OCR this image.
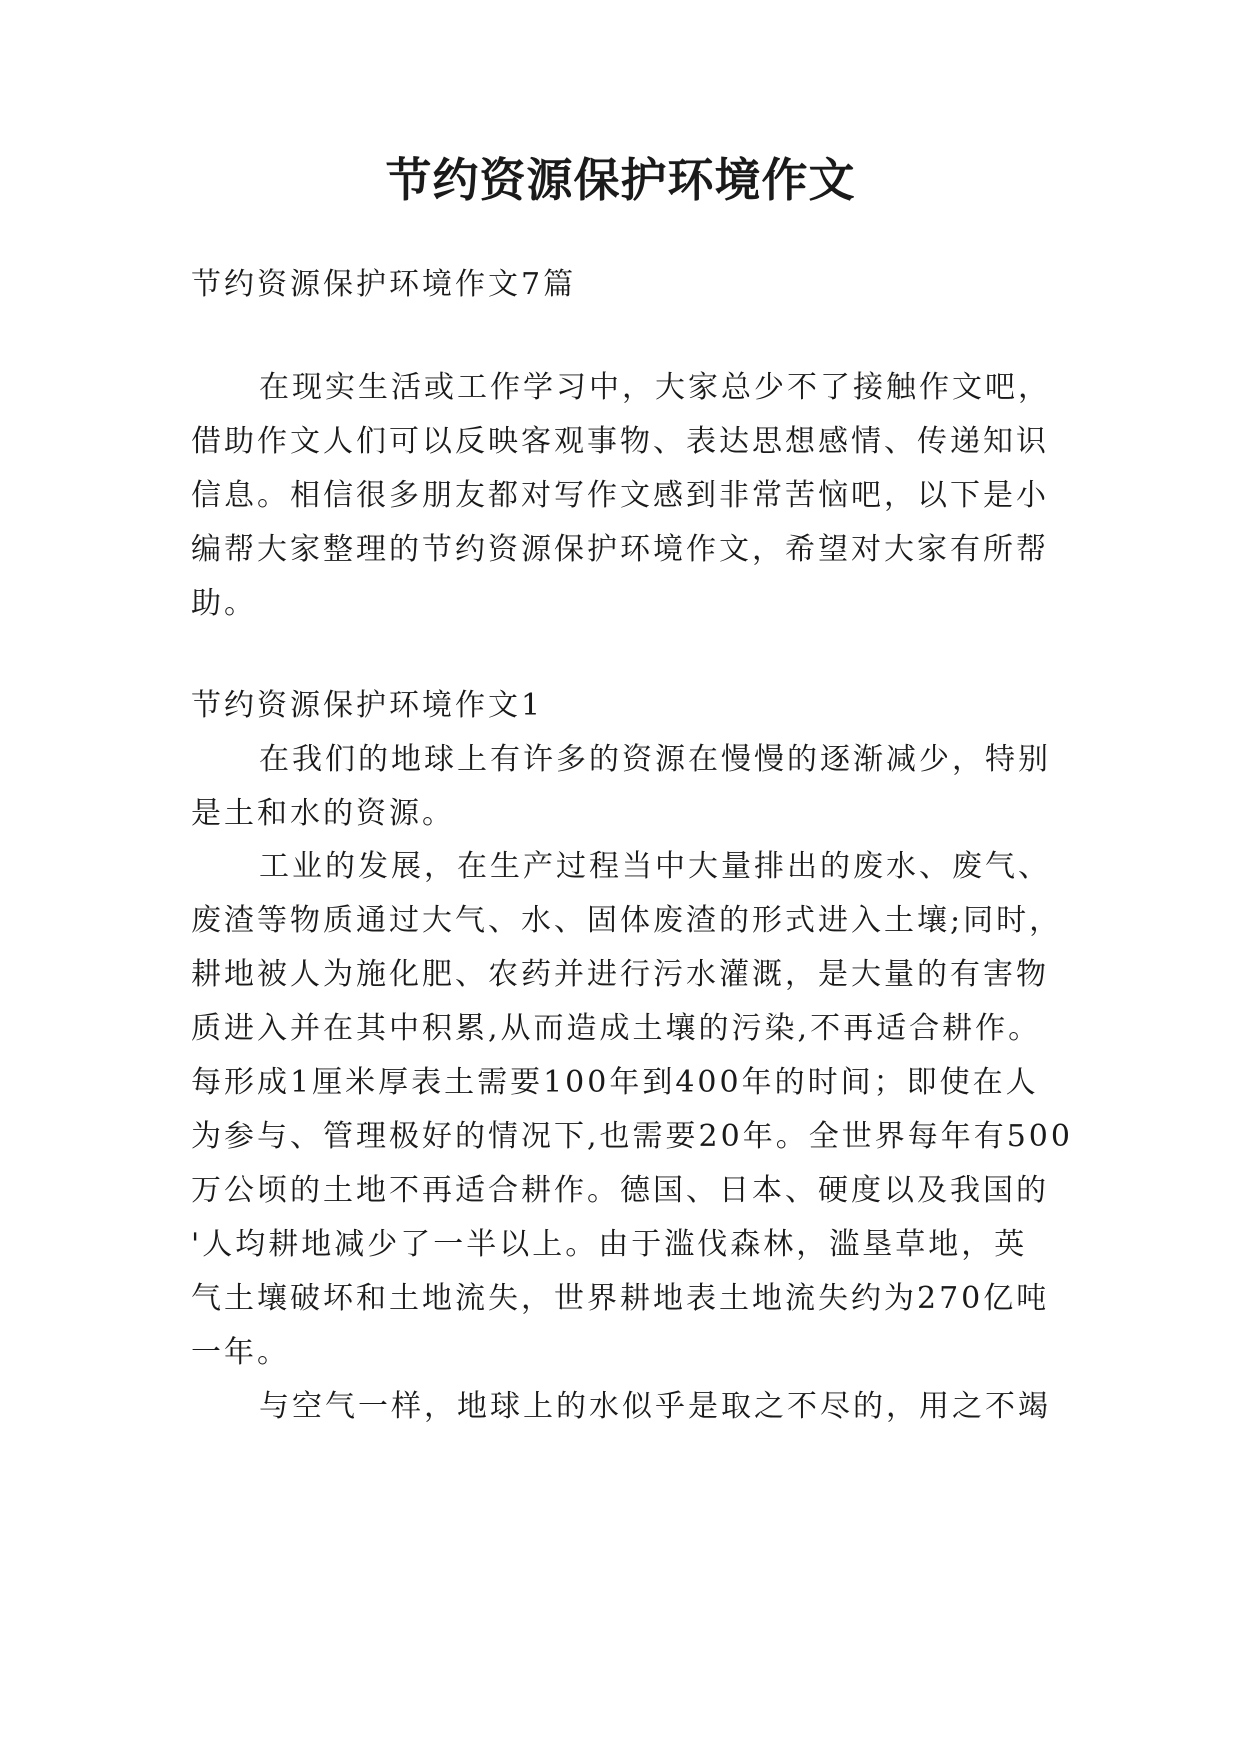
节约资源保护环境作文
节约资源保护环境作文7篇
在现实生活或工作学习中，大家总少不了接触作文吧，
借助作文人们可以反映客观事物、表达思想感情、传递知识
信息。相信很多朋友都对写作文感到非常苦恼吧，以下是小
编帮大家整理的节约资源保护环境作文，希望对大家有所帮
助。
节约资源保护环境作文1
在我们的地球上有许多的资源在慢慢的逐渐减少，特别
是土和水的资源。
工业的发展，在生产过程当中大量排出的废水、废气、
废渣等物质通过大气、水、固体废渣的形式进入土壤;同时，
耕地被人为施化肥、农药并进行污水灌溉，是大量的有害物
质进入并在其中积累,从而造成土壤的污染,不再适合耕作。
每形成1厘米厚表土需要100年到400年的时间；即使在人
为参与、管理极好的情况下,也需要20年。全世界每年有500
万公顷的土地不再适合耕作。德国、日本、硬度以及我国的
'人均耕地减少了一半以上。由于滥伐森林，滥垦草地，英
气土壤破坏和土地流失，世界耕地表土地流失约为270亿吨
一年。
与空气一样，地球上的水似乎是取之不尽的，用之不竭
